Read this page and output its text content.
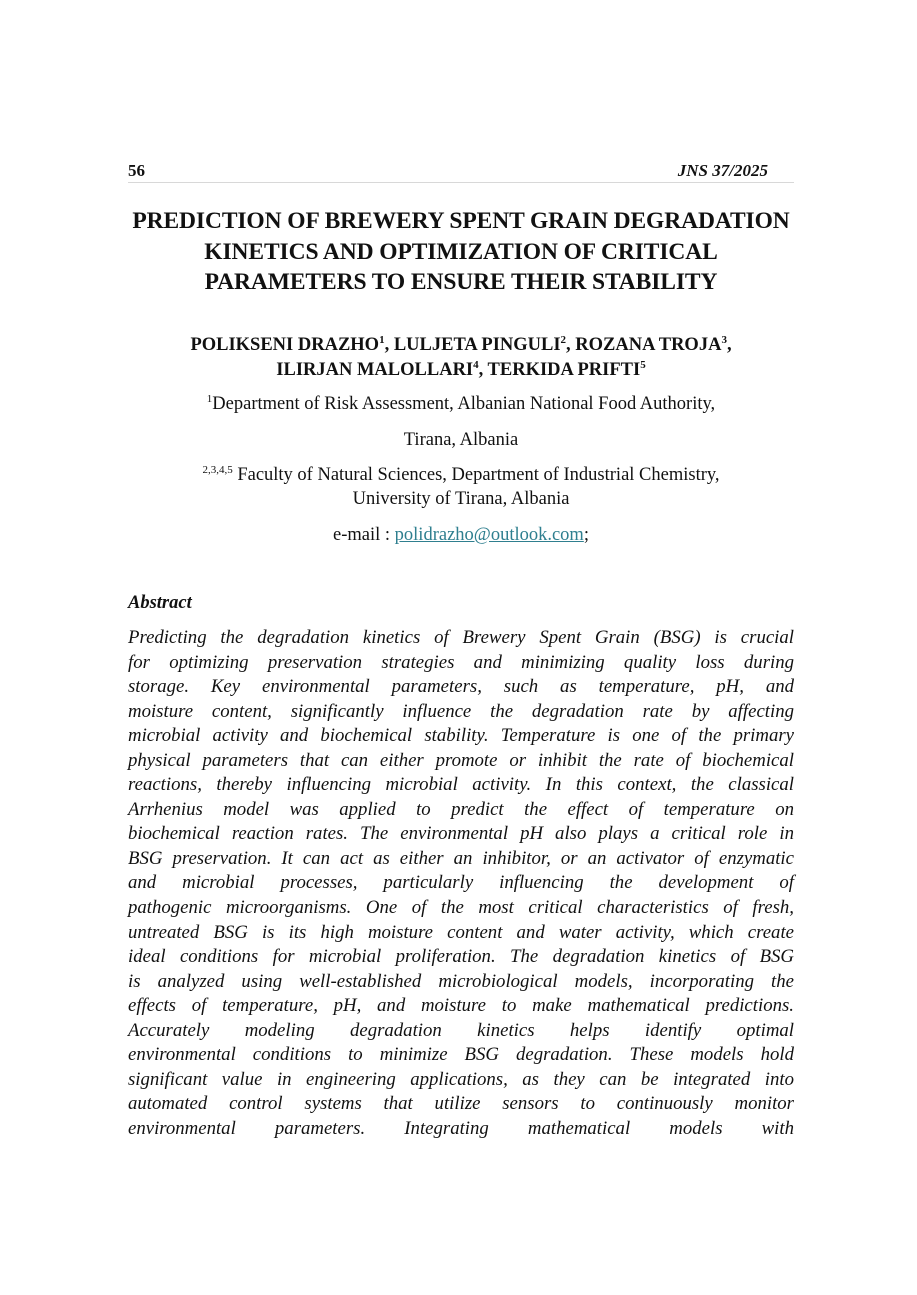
56	JNS 37/2025
PREDICTION OF BREWERY SPENT GRAIN DEGRADATION KINETICS AND OPTIMIZATION OF CRITICAL PARAMETERS TO ENSURE THEIR STABILITY

POLIKSENI DRAZHO$^1$, LULJETA PINGULI$^2$, ROZANA TROJA$^3$,
ILIRJAN MALOLLARI$^4$, TERKIDA PRIFTI$^5$

$^1$Department of Risk Assessment, Albanian National Food Authority,

Tirana, Albania

$^{2,3,4,5}$ Faculty of Natural Sciences, Department of Industrial Chemistry,
University of Tirana, Albania

e-mail : polidrazho@outlook.com;

Abstract
Predicting the degradation kinetics of Brewery Spent Grain (BSG) is crucial
for optimizing preservation strategies and minimizing quality loss during
storage. Key environmental parameters, such as temperature, pH, and
moisture content, significantly influence the degradation rate by affecting
microbial activity and biochemical stability. Temperature is one of the primary
physical parameters that can either promote or inhibit the rate of biochemical
reactions, thereby influencing microbial activity. In this context, the classical
Arrhenius model was applied to predict the effect of temperature on
biochemical reaction rates. The environmental pH also plays a critical role in
BSG preservation. It can act as either an inhibitor, or an activator of enzymatic
and microbial processes, particularly influencing the development of
pathogenic microorganisms. One of the most critical characteristics of fresh,
untreated BSG is its high moisture content and water activity, which create
ideal conditions for microbial proliferation. The degradation kinetics of BSG
is analyzed using well-established microbiological models, incorporating the
effects of temperature, pH, and moisture to make mathematical predictions.
Accurately modeling degradation kinetics helps identify optimal
environmental conditions to minimize BSG degradation. These models hold
significant value in engineering applications, as they can be integrated into
automated control systems that utilize sensors to continuously monitor
environmental parameters. Integrating mathematical models with
